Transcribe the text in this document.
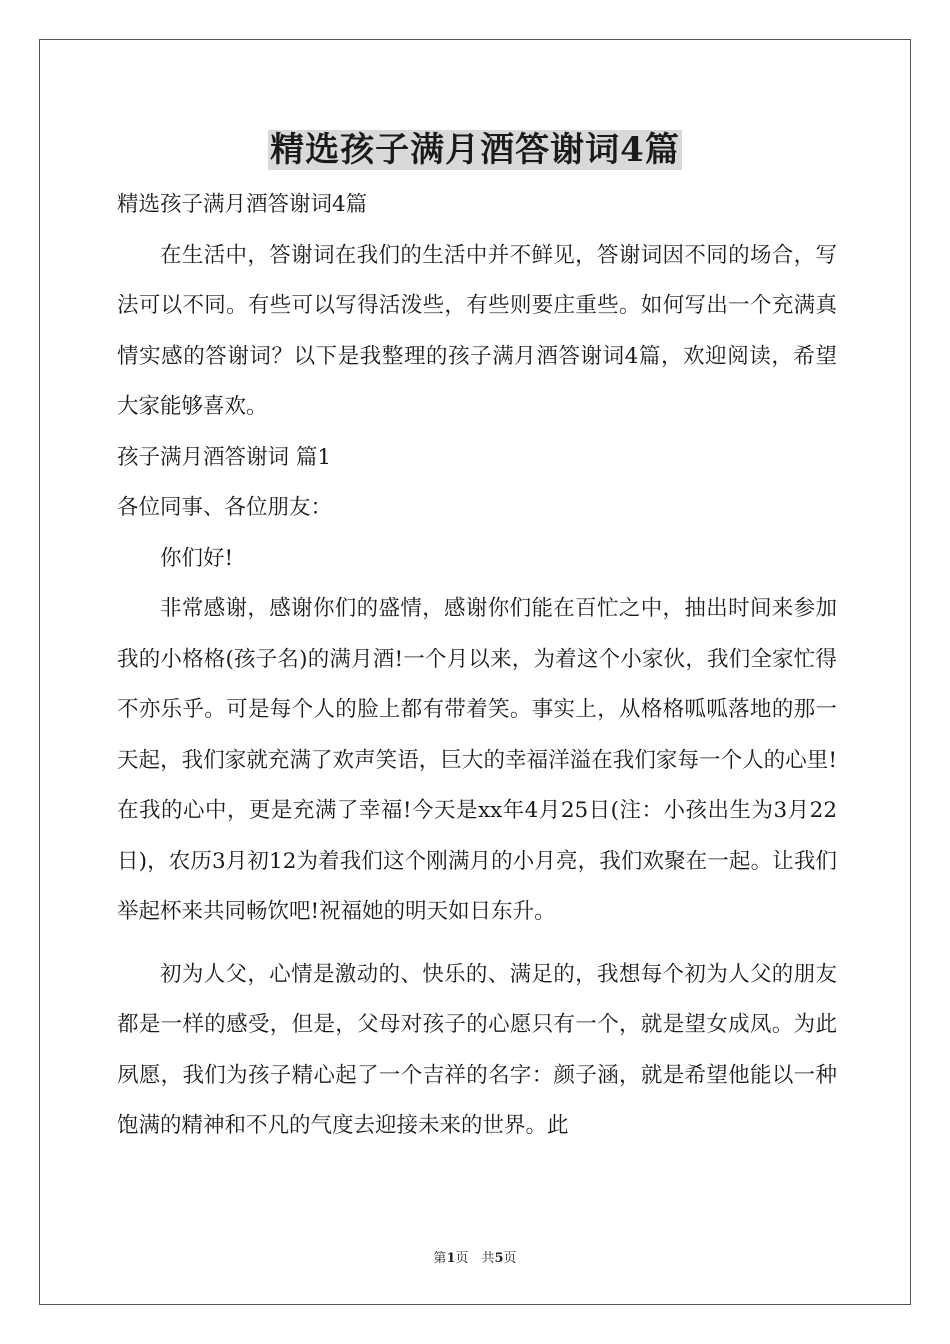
精选孩子满月酒答谢词4篇

精选孩子满月酒答谢词4篇

在生活中，答谢词在我们的生活中并不鲜见，答谢词因不同的场合，写法可以不同。有些可以写得活泼些，有些则要庄重些。如何写出一个充满真情实感的答谢词？以下是我整理的孩子满月酒答谢词4篇，欢迎阅读，希望大家能够喜欢。

孩子满月酒答谢词 篇1

各位同事、各位朋友：

你们好!

非常感谢，感谢你们的盛情，感谢你们能在百忙之中，抽出时间来参加我的小格格(孩子名)的满月酒!一个月以来，为着这个小家伙，我们全家忙得不亦乐乎。可是每个人的脸上都有带着笑。事实上，从格格呱呱落地的那一天起，我们家就充满了欢声笑语，巨大的幸福洋溢在我们家每一个人的心里!在我的心中，更是充满了幸福!今天是xx年4月25日(注：小孩出生为3月22日)，农历3月初12为着我们这个刚满月的小月亮，我们欢聚在一起。让我们举起杯来共同畅饮吧!祝福她的明天如日东升。

初为人父，心情是激动的、快乐的、满足的，我想每个初为人父的朋友都是一样的感受，但是，父母对孩子的心愿只有一个，就是望女成凤。为此夙愿，我们为孩子精心起了一个吉祥的名字：颜子涵，就是希望他能以一种饱满的精神和不凡的气度去迎接未来的世界。此

第1页　共5页
